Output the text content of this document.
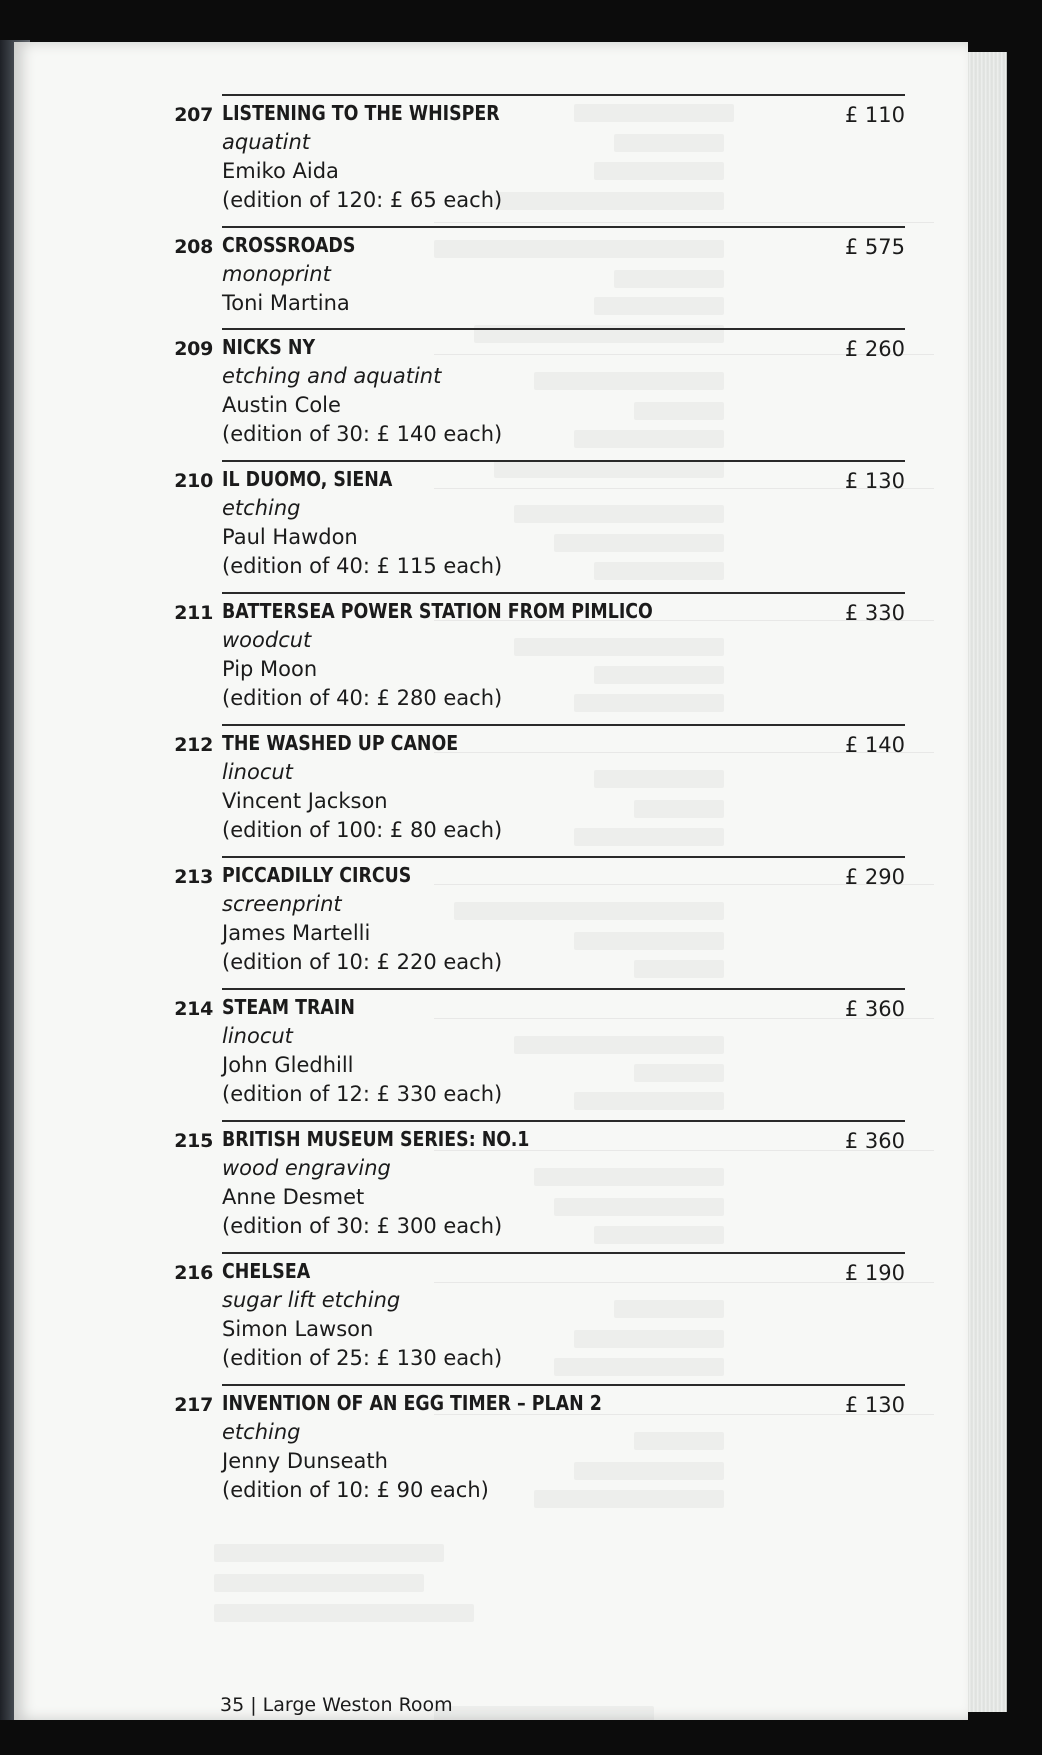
207 LISTENING TO THE WHISPER	£ 110
aquatint
Emiko Aida
(edition of 120: £ 65 each)
208 CROSSROADS	£ 575
monoprint
Toni Martina
209 NICKS NY	£ 260
etching and aquatint
Austin Cole
(edition of 30: £ 140 each)
210 IL DUOMO, SIENA	£ 130
etching
Paul Hawdon
(edition of 40: £ 115 each)
211 BATTERSEA POWER STATION FROM PIMLICO	£ 330
woodcut
Pip Moon
(edition of 40: £ 280 each)
212 THE WASHED UP CANOE	£ 140
linocut
Vincent Jackson
(edition of 100: £ 80 each)
213 PICCADILLY CIRCUS	£ 290
screenprint
James Martelli
(edition of 10: £ 220 each)
214 STEAM TRAIN	£ 360
linocut
John Gledhill
(edition of 12: £ 330 each)
215 BRITISH MUSEUM SERIES: NO.1	£ 360
wood engraving
Anne Desmet
(edition of 30: £ 300 each)
216 CHELSEA	£ 190
sugar lift etching
Simon Lawson
(edition of 25: £ 130 each)
217 INVENTION OF AN EGG TIMER – PLAN 2	£ 130
etching
Jenny Dunseath
(edition of 10: £ 90 each)
35 | Large Weston Room
